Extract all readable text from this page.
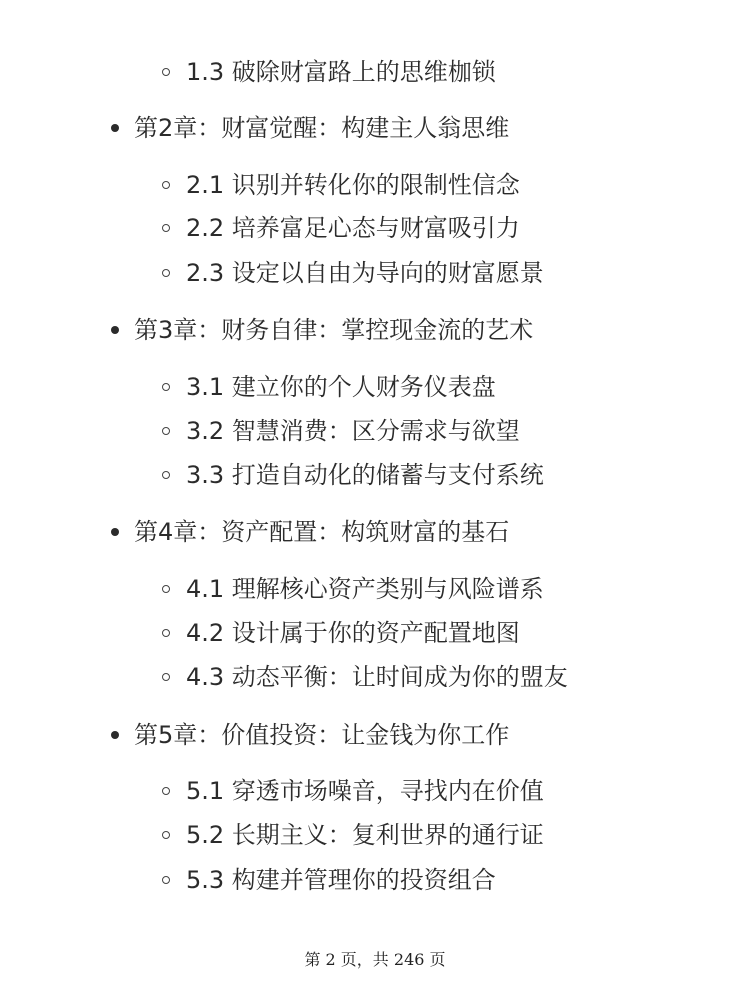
1.3 破除财富路上的思维枷锁
第2章：财富觉醒：构建主人翁思维
2.1 识别并转化你的限制性信念
2.2 培养富足心态与财富吸引力
2.3 设定以自由为导向的财富愿景
第3章：财务自律：掌控现金流的艺术
3.1 建立你的个人财务仪表盘
3.2 智慧消费：区分需求与欲望
3.3 打造自动化的储蓄与支付系统
第4章：资产配置：构筑财富的基石
4.1 理解核心资产类别与风险谱系
4.2 设计属于你的资产配置地图
4.3 动态平衡：让时间成为你的盟友
第5章：价值投资：让金钱为你工作
5.1 穿透市场噪音，寻找内在价值
5.2 长期主义：复利世界的通行证
5.3 构建并管理你的投资组合
第 2 页，共 246 页
